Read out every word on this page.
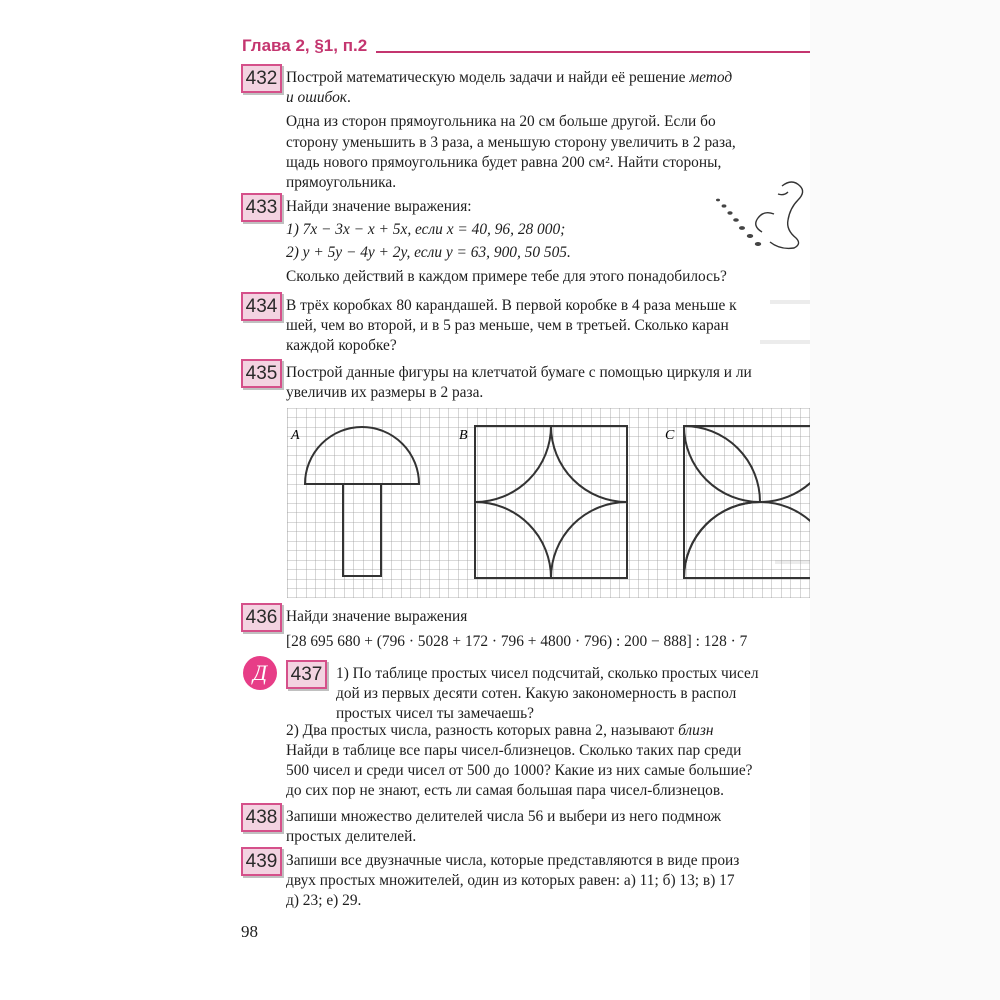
Глава 2, §1, п.2
432 Построй математическую модель задачи и найди её решение метод
и ошибок.
Одна из сторон прямоугольника на 20 см больше другой. Если бо
сторону уменьшить в 3 раза, а меньшую сторону увеличить в 2 раза,
щадь нового прямоугольника будет равна 200 см². Найти стороны,
прямоугольника.
433 Найди значение выражения:
1) 7x − 3x − x + 5x, если x = 40, 96, 28 000;
2) y + 5y − 4y + 2y, если y = 63, 900, 50 505.
Сколько действий в каждом примере тебе для этого понадобилось?
434 В трёх коробках 80 карандашей. В первой коробке в 4 раза меньше к
шей, чем во второй, и в 5 раз меньше, чем в третьей. Сколько каран
каждой коробке?
435 Построй данные фигуры на клетчатой бумаге с помощью циркуля и ли
увеличив их размеры в 2 раза.
A	B	C
436 Найди значение выражения
[28 695 680 + (796 · 5028 + 172 · 796 + 4800 · 796) : 200 − 888] : 128 · 7
Д	437 1) По таблице простых чисел подсчитай, сколько простых чисел
дой из первых десяти сотен. Какую закономерность в распол
простых чисел ты замечаешь?
2) Два простых числа, разность которых равна 2, называют близн
Найди в таблице все пары чисел-близнецов. Сколько таких пар среди
500 чисел и среди чисел от 500 до 1000? Какие из них самые большие?
до сих пор не знают, есть ли самая большая пара чисел-близнецов.
438 Запиши множество делителей числа 56 и выбери из него подмнож
простых делителей.
439 Запиши все двузначные числа, которые представляются в виде произ
двух простых множителей, один из которых равен: а) 11; б) 13; в) 17
д) 23; е) 29.
98
